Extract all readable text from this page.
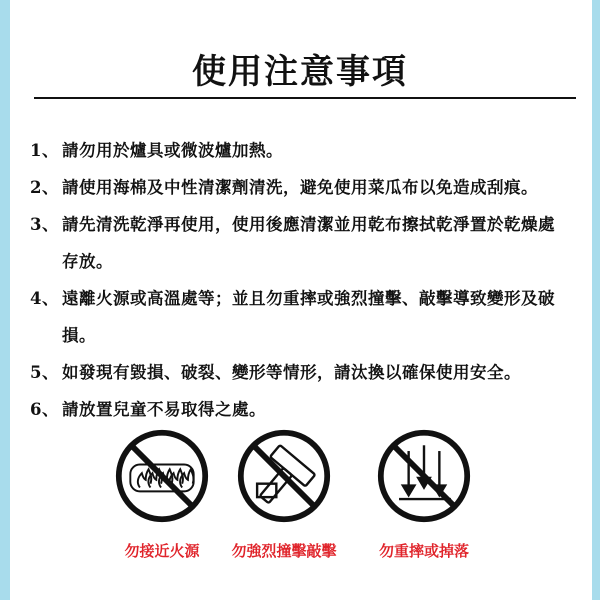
使用注意事項
1、 請勿用於爐具或微波爐加熱。
2、 請使用海棉及中性清潔劑清洗，避免使用菜瓜布以免造成刮痕。
3、 請先清洗乾淨再使用，使用後應清潔並用乾布擦拭乾淨置於乾燥處存放。
4、 遠離火源或高溫處等；並且勿重摔或強烈撞擊、敲擊導致變形及破損。
5、 如發現有毀損、破裂、變形等情形，請汰換以確保使用安全。
6、 請放置兒童不易取得之處。
勿接近火源	勿強烈撞擊敲擊	勿重摔或掉落
